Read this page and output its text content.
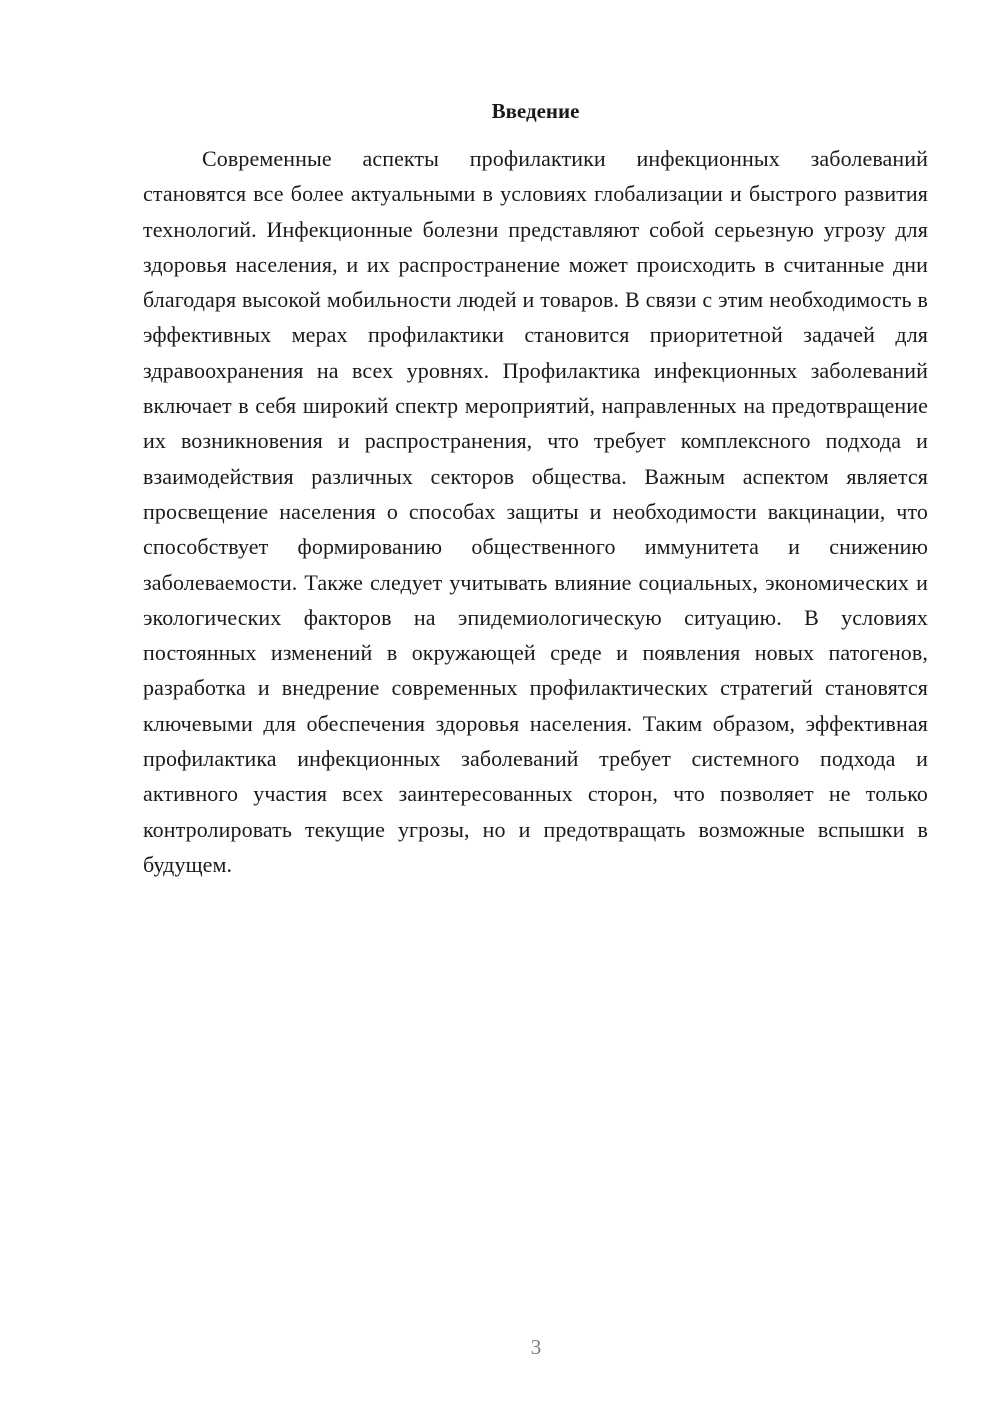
Введение

Современные аспекты профилактики инфекционных заболеваний становятся все более актуальными в условиях глобализации и быстрого развития технологий. Инфекционные болезни представляют собой серьезную угрозу для здоровья населения, и их распространение может происходить в считанные дни благодаря высокой мобильности людей и товаров. В связи с этим необходимость в эффективных мерах профилактики становится приоритетной задачей для здравоохранения на всех уровнях. Профилактика инфекционных заболеваний включает в себя широкий спектр мероприятий, направленных на предотвращение их возникновения и распространения, что требует комплексного подхода и взаимодействия различных секторов общества. Важным аспектом является просвещение населения о способах защиты и необходимости вакцинации, что способствует формированию общественного иммунитета и снижению заболеваемости. Также следует учитывать влияние социальных, экономических и экологических факторов на эпидемиологическую ситуацию. В условиях постоянных изменений в окружающей среде и появления новых патогенов, разработка и внедрение современных профилактических стратегий становятся ключевыми для обеспечения здоровья населения. Таким образом, эффективная профилактика инфекционных заболеваний требует системного подхода и активного участия всех заинтересованных сторон, что позволяет не только контролировать текущие угрозы, но и предотвращать возможные вспышки в будущем.

3
